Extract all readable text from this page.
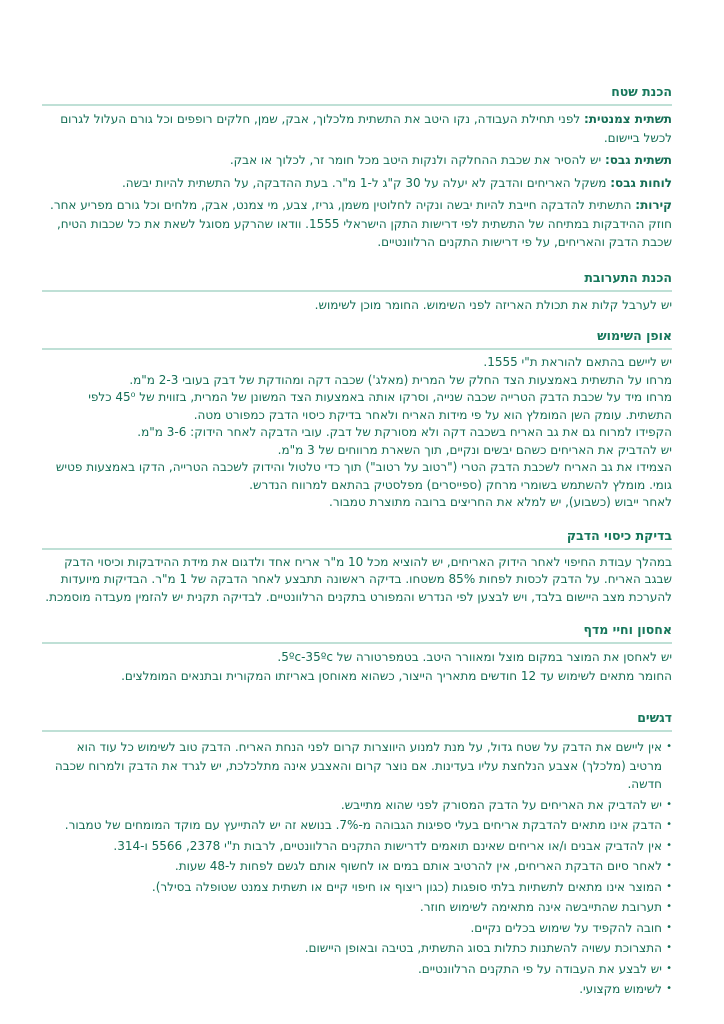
הכנת שטח

תשתית צמנטית: לפני תחילת העבודה, נקו היטב את התשתית מלכלוך, אבק, שמן, חלקים רופפים וכל גורם העלול לגרום לכשל ביישום.

תשתית גבס: יש להסיר את שכבת ההחלקה ולנקות היטב מכל חומר זר, לכלוך או אבק.

לוחות גבס: משקל האריחים והדבק לא יעלה על 30 ק"ג ל-1 מ"ר. בעת ההדבקה, על התשתית להיות יבשה.

קירות: התשתית להדבקה חייבת להיות יבשה ונקיה לחלוטין משמן, גריז, צבע, מי צמנט, אבק, מלחים וכל גורם מפריע אחר. חוזק ההידבקות במתיחה של התשתית לפי דרישות התקן הישראלי 1555. וודאו שהרקע מסוגל לשאת את כל שכבות הטיח, שכבת הדבק והאריחים, על פי דרישות התקנים הרלוונטיים.

הכנת התערובת

יש לערבל קלות את תכולת האריזה לפני השימוש. החומר מוכן לשימוש.

אופן השימוש
יש ליישם בהתאם להוראת ת"י 1555.
מרחו על התשתית באמצעות הצד החלק של המרית (מאלג') שכבה דקה ומהודקת של דבק בעובי 2-3 מ"מ.
מרחו מיד על שכבת הדבק הטרייה שכבה שנייה, וסרקו אותה באמצעות הצד המשונן של המרית, בזווית של 45⁰ כלפי התשתית. עומק השן המומלץ הוא על פי מידות האריח ולאחר בדיקת כיסוי הדבק כמפורט מטה.
הקפידו למרוח גם את גב האריח בשכבה דקה ולא מסורקת של דבק. עובי הדבקה לאחר הידוק: 3-6 מ"מ.
יש להדביק את האריחים כשהם יבשים ונקיים, תוך השארת מרווחים של 3 מ"מ.
הצמידו את גב האריח לשכבת הדבק הטרי ("רטוב על רטוב") תוך כדי טלטול והידוק לשכבה הטרייה, הדקו באמצעות פטיש גומי. מומלץ להשתמש בשומרי מרחק (ספייסרים) מפלסטיק בהתאם למרווח הנדרש.
לאחר ייבוש (כשבוע), יש למלא את החריצים ברובה מתוצרת טמבור.
בדיקת כיסוי הדבק

במהלך עבודת החיפוי לאחר הידוק האריחים, יש להוציא מכל 10 מ"ר אריח אחד ולדגום את מידת ההידבקות וכיסוי הדבק שבגב האריח. על הדבק לכסות לפחות 85% משטחו. בדיקה ראשונה תתבצע לאחר הדבקה של 1 מ"ר. הבדיקות מיועדות להערכת מצב היישום בלבד, ויש לבצען לפי הנדרש והמפורט בתקנים הרלוונטיים. לבדיקה תקנית יש להזמין מעבדה מוסמכת.

אחסון וחיי מדף
יש לאחסן את המוצר במקום מוצל ומאוורר היטב. בטמפרטורה של 5ºc-35ºc.
החומר מתאים לשימוש עד 12 חודשים מתאריך הייצור, כשהוא מאוחסן באריזתו המקורית ובתנאים המומלצים.
דגשים
•
אין ליישם את הדבק על שטח גדול, על מנת למנוע היווצרות קרום לפני הנחת האריח. הדבק טוב לשימוש כל עוד הוא מרטיב (מלכלך) אצבע הנלחצת עליו בעדינות. אם נוצר קרום והאצבע אינה מתלכלכת, יש לגרד את הדבק ולמרוח שכבה חדשה.
•
יש להדביק את האריחים על הדבק המסורק לפני שהוא מתייבש.
•
הדבק אינו מתאים להדבקת אריחים בעלי ספיגות הגבוהה מ-7%. בנושא זה יש להתייעץ עם מוקד המומחים של טמבור.
•
אין להדביק אבנים ו/או אריחים שאינם תואמים לדרישות התקנים הרלוונטיים, לרבות ת"י 2378, 5566 ו-314.
•
לאחר סיום הדבקת האריחים, אין להרטיב אותם במים או לחשוף אותם לגשם לפחות ל-48 שעות.
•
המוצר אינו מתאים לתשתיות בלתי סופגות (כגון ריצוף או חיפוי קיים או תשתית צמנט שטופלה בסילר).
•
תערובת שהתייבשה אינה מתאימה לשימוש חוזר.
•
חובה להקפיד על שימוש בכלים נקיים.
•
התצרוכת עשויה להשתנות כתלות בסוג התשתית, בטיבה ובאופן היישום.
•
יש לבצע את העבודה על פי התקנים הרלוונטיים.
•
לשימוש מקצועי.
